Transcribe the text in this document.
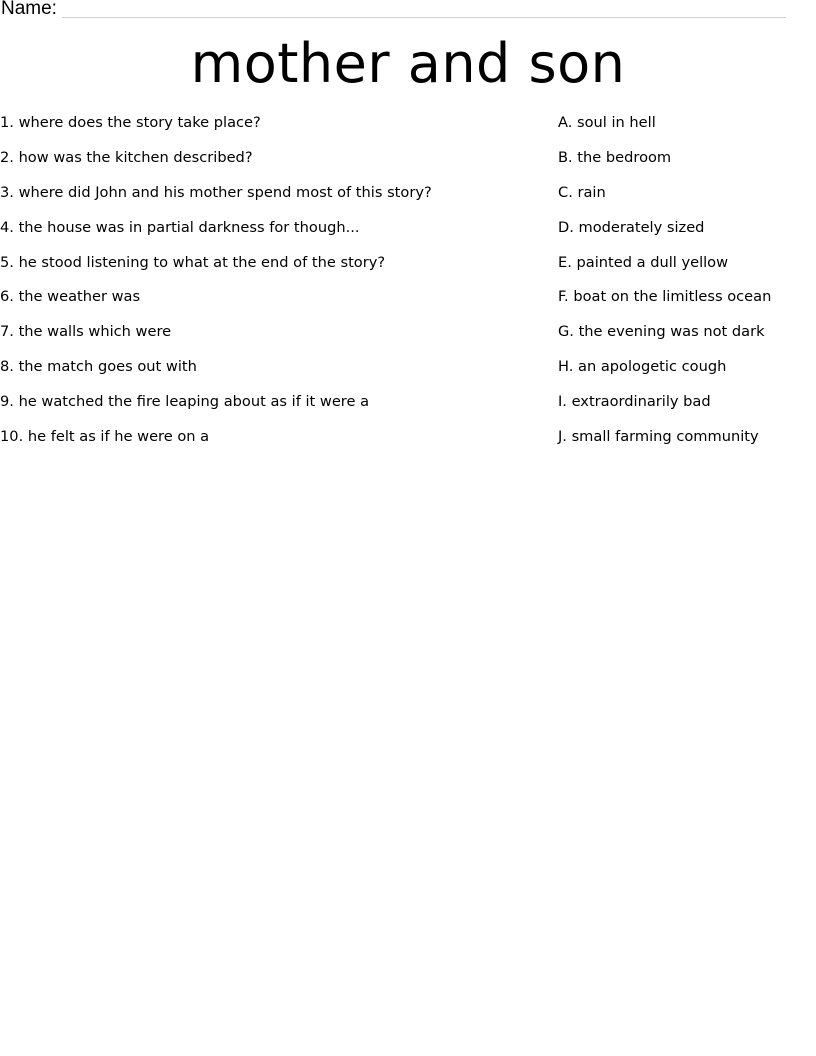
Name:
mother and son
1. where does the story take place?
2. how was the kitchen described?
3. where did John and his mother spend most of this story?
4. the house was in partial darkness for though...
5. he stood listening to what at the end of the story?
6. the weather was
7. the walls which were
8. the match goes out with
9. he watched the fire leaping about as if it were a
10. he felt as if he were on a
A. soul in hell
B. the bedroom
C. rain
D. moderately sized
E. painted a dull yellow
F. boat on the limitless ocean
G. the evening was not dark
H. an apologetic cough
I. extraordinarily bad
J. small farming community
